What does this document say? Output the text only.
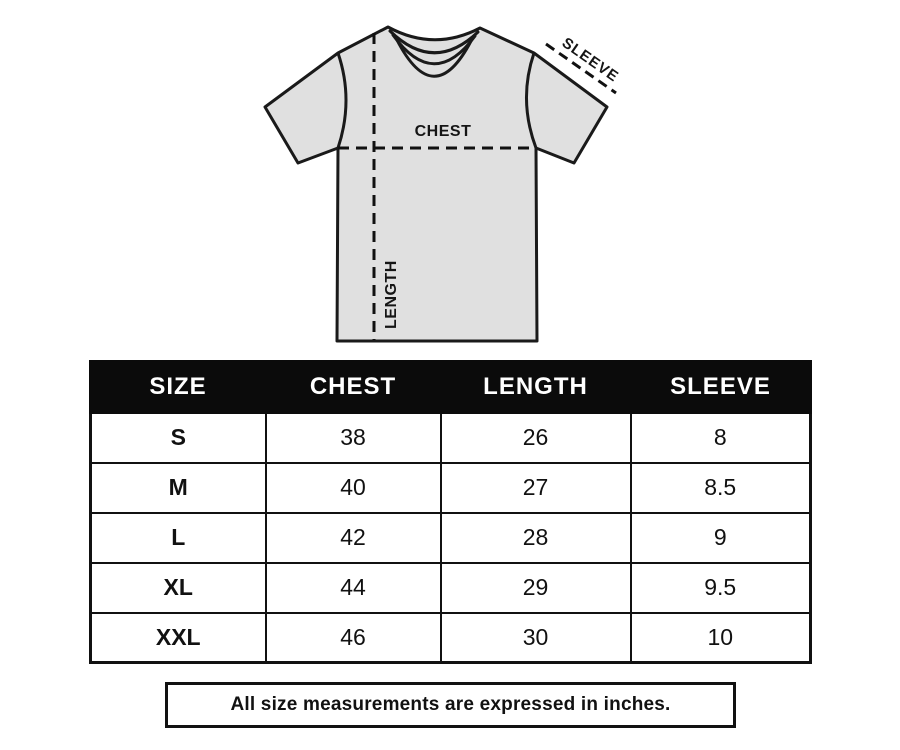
CHEST
LENGTH
SLEEVE
SIZE	CHEST	LENGTH	SLEEVE
S	38	26	8
M	40	27	8.5
L	42	28	9
XL	44	29	9.5
XXL	46	30	10
All size measurements are expressed in inches.
